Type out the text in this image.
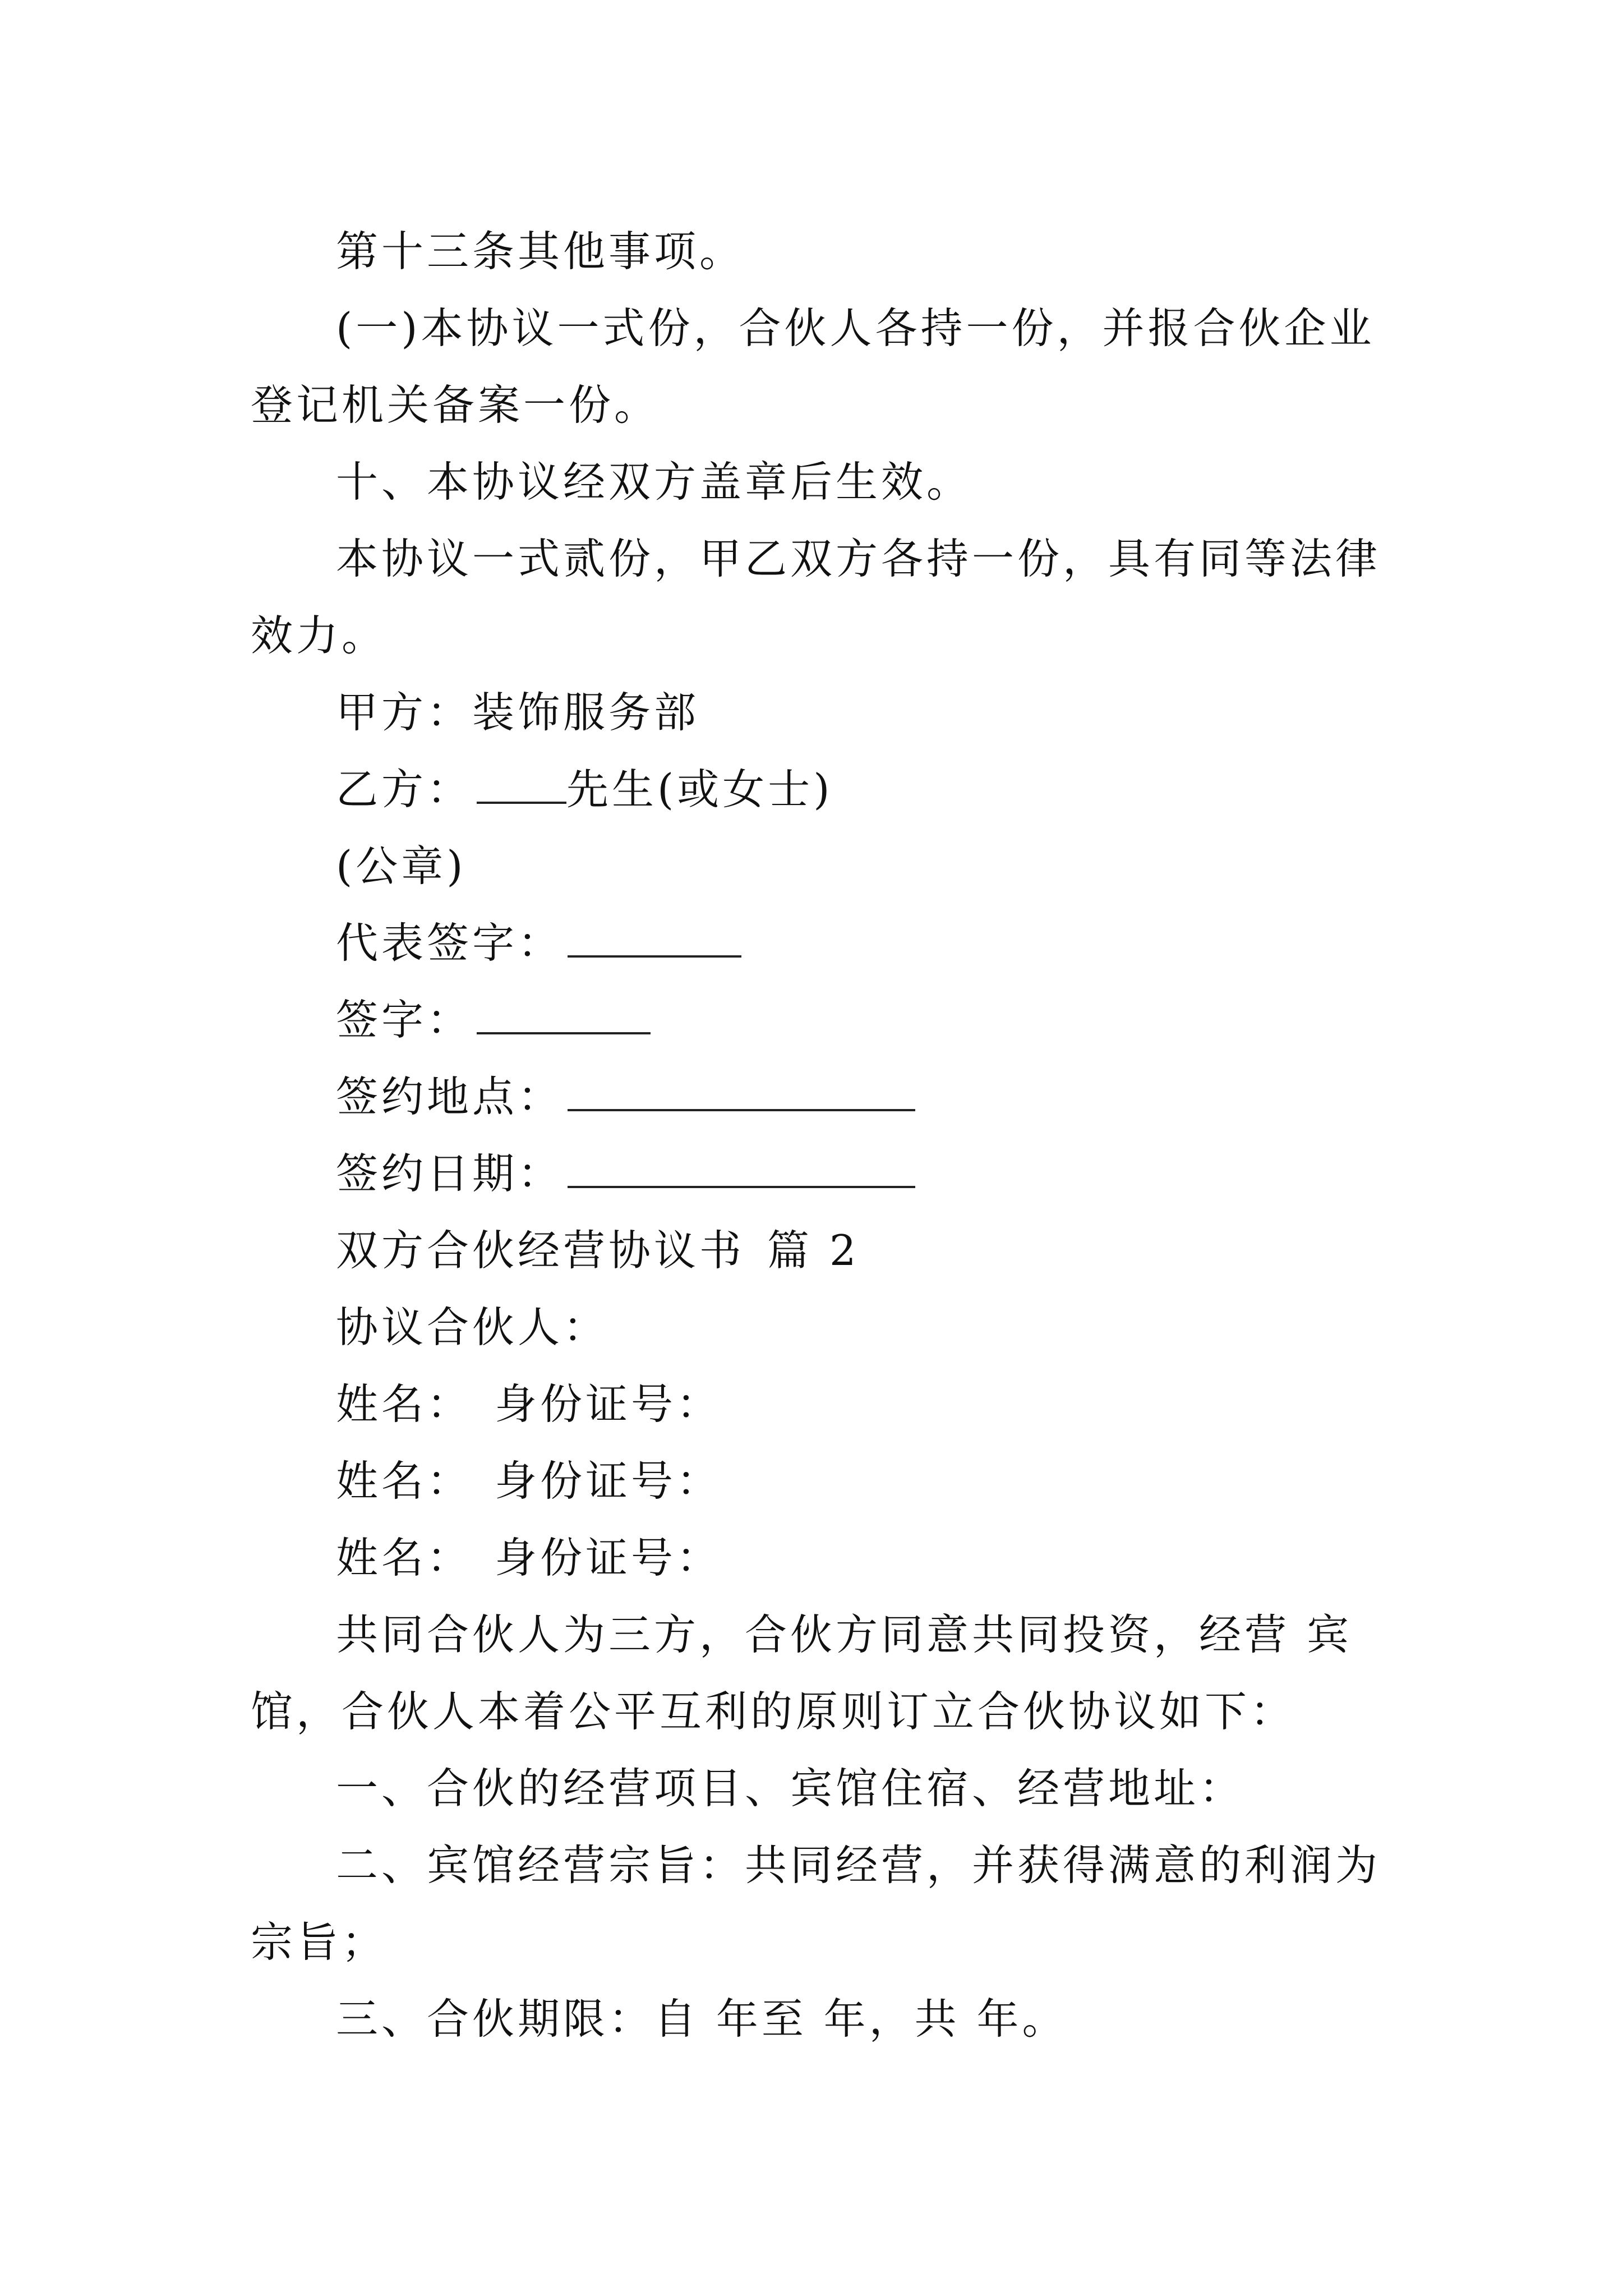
第十三条其他事项。

(一)本协议一式份，合伙人各持一份，并报合伙企业登记机关备案一份。

十、本协议经双方盖章后生效。

本协议一式贰份，甲乙双方各持一份，具有同等法律效力。

甲方：装饰服务部

乙方： 先生(或女士)

(公章)

代表签字：

签字：

签约地点：

签约日期：

双方合伙经营协议书 篇 2

协议合伙人：

姓名： 身份证号：

姓名： 身份证号：

姓名： 身份证号：

共同合伙人为三方，合伙方同意共同投资，经营 宾馆，合伙人本着公平互利的原则订立合伙协议如下：

一、合伙的经营项目、宾馆住宿、经营地址：

二、宾馆经营宗旨：共同经营，并获得满意的利润为宗旨；

三、合伙期限：自 年至 年，共 年。
